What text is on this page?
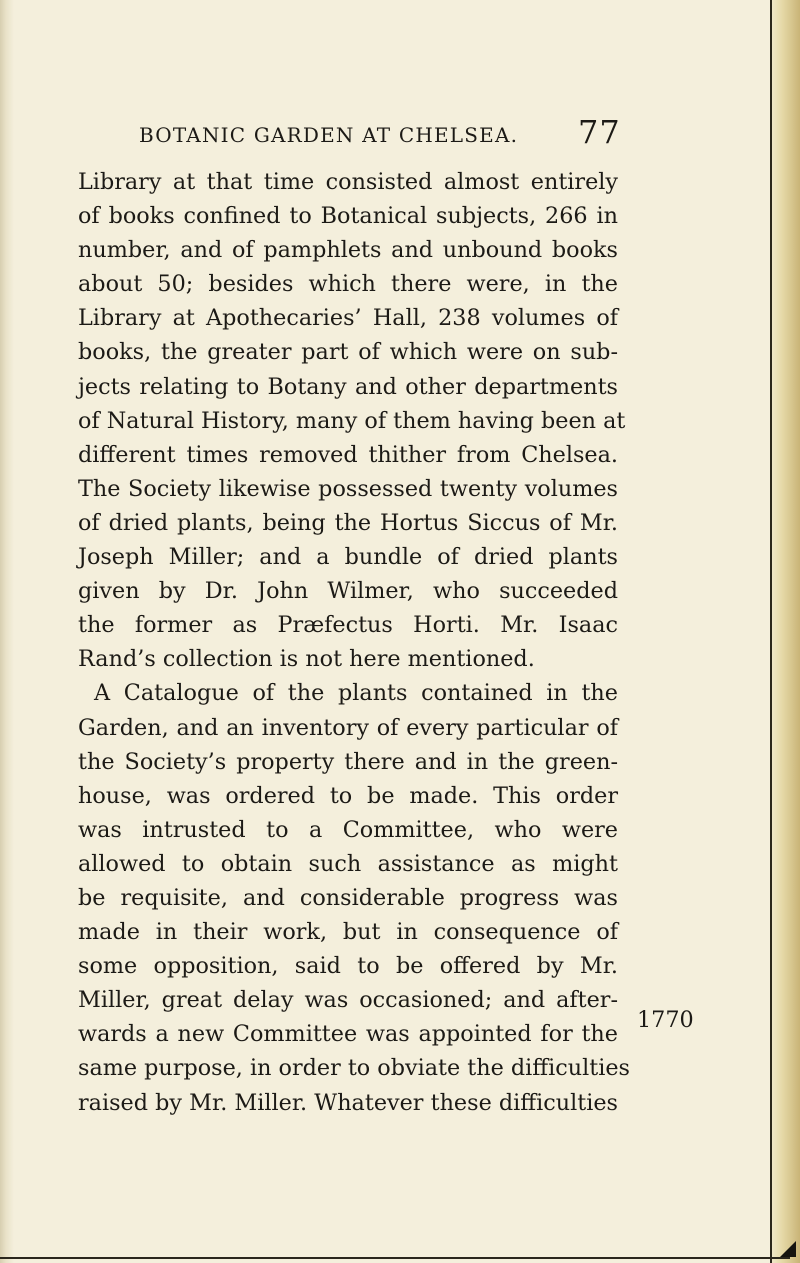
BOTANIC GARDEN AT CHELSEA. 77
Library at that time consisted almost entirely
of books confined to Botanical subjects, 266 in
number, and of pamphlets and unbound books
about 50; besides which there were, in the
Library at Apothecaries’ Hall, 238 volumes of
books, the greater part of which were on sub-
jects relating to Botany and other departments
of Natural History, many of them having been at
different times removed thither from Chelsea.
The Society likewise possessed twenty volumes
of dried plants, being the Hortus Siccus of Mr.
Joseph Miller; and a bundle of dried plants
given by Dr. John Wilmer, who succeeded
the former as Præfectus Horti. Mr. Isaac
Rand’s collection is not here mentioned.
A Catalogue of the plants contained in the
Garden, and an inventory of every particular of
the Society’s property there and in the green-
house, was ordered to be made. This order
was intrusted to a Committee, who were
allowed to obtain such assistance as might
be requisite, and considerable progress was
made in their work, but in consequence of
some opposition, said to be offered by Mr.
Miller, great delay was occasioned; and after-
wards a new Committee was appointed for the
same purpose, in order to obviate the difficulties
raised by Mr. Miller. Whatever these difficulties
1770
